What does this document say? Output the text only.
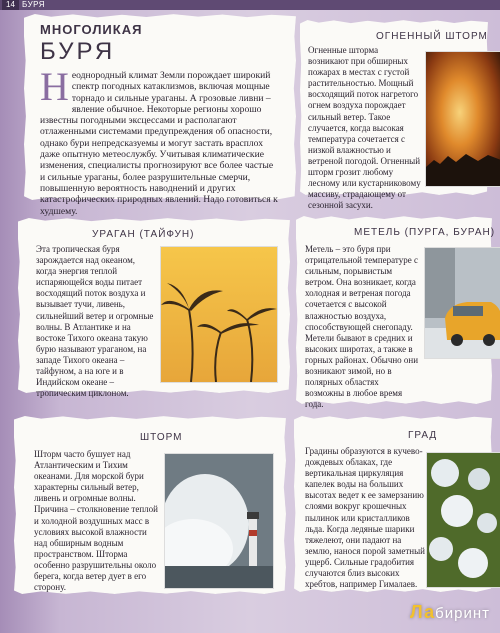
14 БУРЯ
МНОГОЛИКАЯ
БУРЯ

Неоднородный климат Земли порождает широкий спектр погодных катаклизмов, включая мощные торнадо и сильные ураганы. А грозовые ливни – явление обычное. Некоторые регионы хорошо известны погодными эксцессами и располагают отлаженными системами предупреждения об опасности, однако бури непредсказуемы и могут застать врасплох даже опытную метеослужбу. Учитывая климатические изменения, специалисты прогнозируют все более частые и сильные ураганы, более разрушительные смерчи, повышенную вероятность наводнений и других катастрофических природных явлений. Надо готовиться к худшему.

ОГНЕННЫЙ ШТОРМ

Огненные шторма возникают при обширных пожарах в местах с густой растительностью. Мощный восходящий поток нагретого огнем воздуха порождает сильный ветер. Такое случается, когда высокая температура сочетается с низкой влажностью и ветреной погодой. Огненный шторм грозит любому лесному или кустарниковому массиву, страдающему от сезонной засухи.

УРАГАН (ТАЙФУН)

Эта тропическая буря зарождается над океаном, когда энергия теплой испаряющейся воды питает восходящий поток воздуха и вызывает тучи, ливень, сильнейший ветер и огромные волны. В Атлантике и на востоке Тихого океана такую бурю называют ураганом, на западе Тихого океана – тайфуном, а на юге и в Индийском океане – тропическим циклоном.

МЕТЕЛЬ (ПУРГА, БУРАН)

Метель – это буря при отрицательной температуре с сильным, порывистым ветром. Она возникает, когда холодная и ветреная погода сочетается с высокой влажностью воздуха, способствующей снегопаду. Метели бывают в средних и высоких широтах, а также в горных районах. Обычно они возникают зимой, но в полярных областях возможны в любое время года.

ШТОРМ

Шторм часто бушует над Атлантическим и Тихим океанами. Для морской бури характерны сильный ветер, ливень и огромные волны. Причина – столкновение теплой и холодной воздушных масс в условиях высокой влажности над обширным водным пространством. Шторма особенно разрушительны около берега, когда ветер дует в его сторону.

ГРАД

Градины образуются в кучево-дождевых облаках, где вертикальная циркуляция капелек воды на больших высотах ведет к ее замерзанию слоями вокруг крошечных пылинок или кристалликов льда. Когда ледяные шарики тяжелеют, они падают на землю, нанося порой заметный ущерб. Сильные градобития случаются близ высоких хребтов, например Гималаев.

Лабиринт
